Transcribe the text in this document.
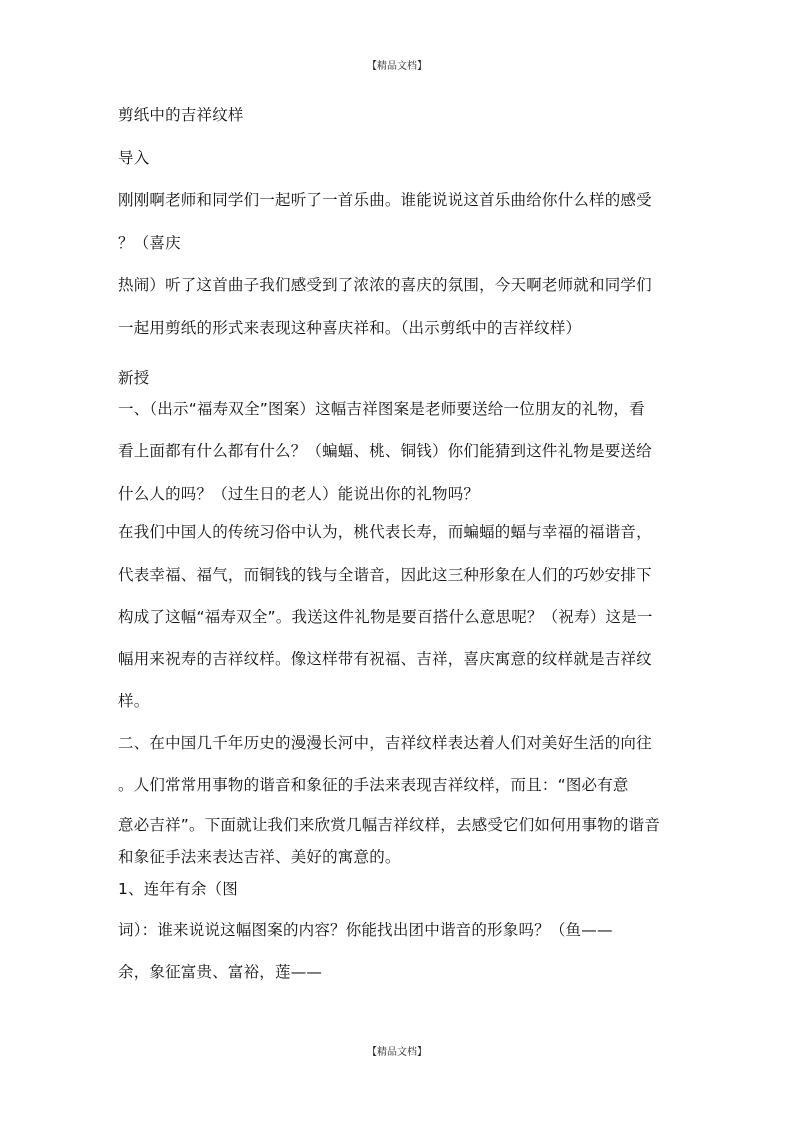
【精品文档】

剪纸中的吉祥纹样

导入

刚刚啊老师和同学们一起听了一首乐曲。谁能说说这首乐曲给你什么样的感受

？（喜庆

热闹）听了这首曲子我们感受到了浓浓的喜庆的氛围，今天啊老师就和同学们

一起用剪纸的形式来表现这种喜庆祥和。（出示剪纸中的吉祥纹样）

新授

一、（出示“福寿双全”图案）这幅吉祥图案是老师要送给一位朋友的礼物，看

看上面都有什么都有什么？（蝙蝠、桃、铜钱）你们能猜到这件礼物是要送给

什么人的吗？（过生日的老人）能说出你的礼物吗？

在我们中国人的传统习俗中认为，桃代表长寿，而蝙蝠的蝠与幸福的福谐音，

代表幸福、福气，而铜钱的钱与全谐音，因此这三种形象在人们的巧妙安排下

构成了这幅“福寿双全”。我送这件礼物是要百搭什么意思呢？（祝寿）这是一

幅用来祝寿的吉祥纹样。像这样带有祝福、吉祥，喜庆寓意的纹样就是吉祥纹

样。

二、在中国几千年历史的漫漫长河中，吉祥纹样表达着人们对美好生活的向往

。人们常常用事物的谐音和象征的手法来表现吉祥纹样，而且：“图必有意

意必吉祥”。下面就让我们来欣赏几幅吉祥纹样，去感受它们如何用事物的谐音

和象征手法来表达吉祥、美好的寓意的。

1、连年有余（图

词）：谁来说说这幅图案的内容？你能找出团中谐音的形象吗？（鱼——

余，象征富贵、富裕，莲——

【精品文档】
